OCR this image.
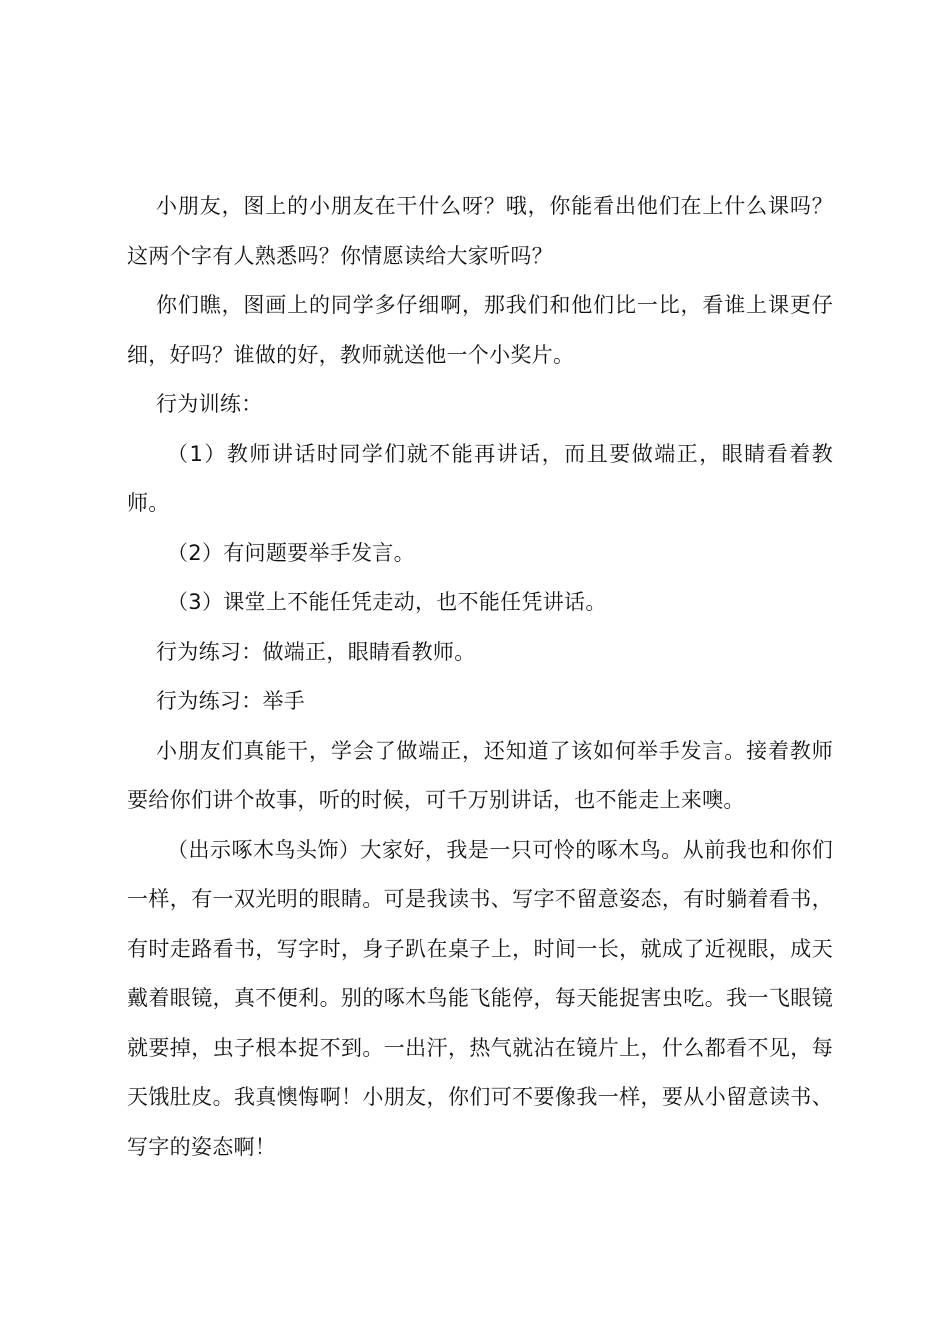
小朋友，图上的小朋友在干什么呀？哦，你能看出他们在上什么课吗？这两个字有人熟悉吗？你情愿读给大家听吗？

你们瞧，图画上的同学多仔细啊，那我们和他们比一比，看谁上课更仔细，好吗？谁做的好，教师就送他一个小奖片。

行为训练：

（1）教师讲话时同学们就不能再讲话，而且要做端正，眼睛看着教师。

（2）有问题要举手发言。

（3）课堂上不能任凭走动，也不能任凭讲话。

行为练习：做端正，眼睛看教师。

行为练习：举手

小朋友们真能干，学会了做端正，还知道了该如何举手发言。接着教师要给你们讲个故事，听的时候，可千万别讲话，也不能走上来噢。

（出示啄木鸟头饰）大家好，我是一只可怜的啄木鸟。从前我也和你们一样，有一双光明的眼睛。可是我读书、写字不留意姿态，有时躺着看书，有时走路看书，写字时，身子趴在桌子上，时间一长，就成了近视眼，成天戴着眼镜，真不便利。别的啄木鸟能飞能停，每天能捉害虫吃。我一飞眼镜就要掉，虫子根本捉不到。一出汗，热气就沾在镜片上，什么都看不见，每天饿肚皮。我真懊悔啊！小朋友，你们可不要像我一样，要从小留意读书、写字的姿态啊！
